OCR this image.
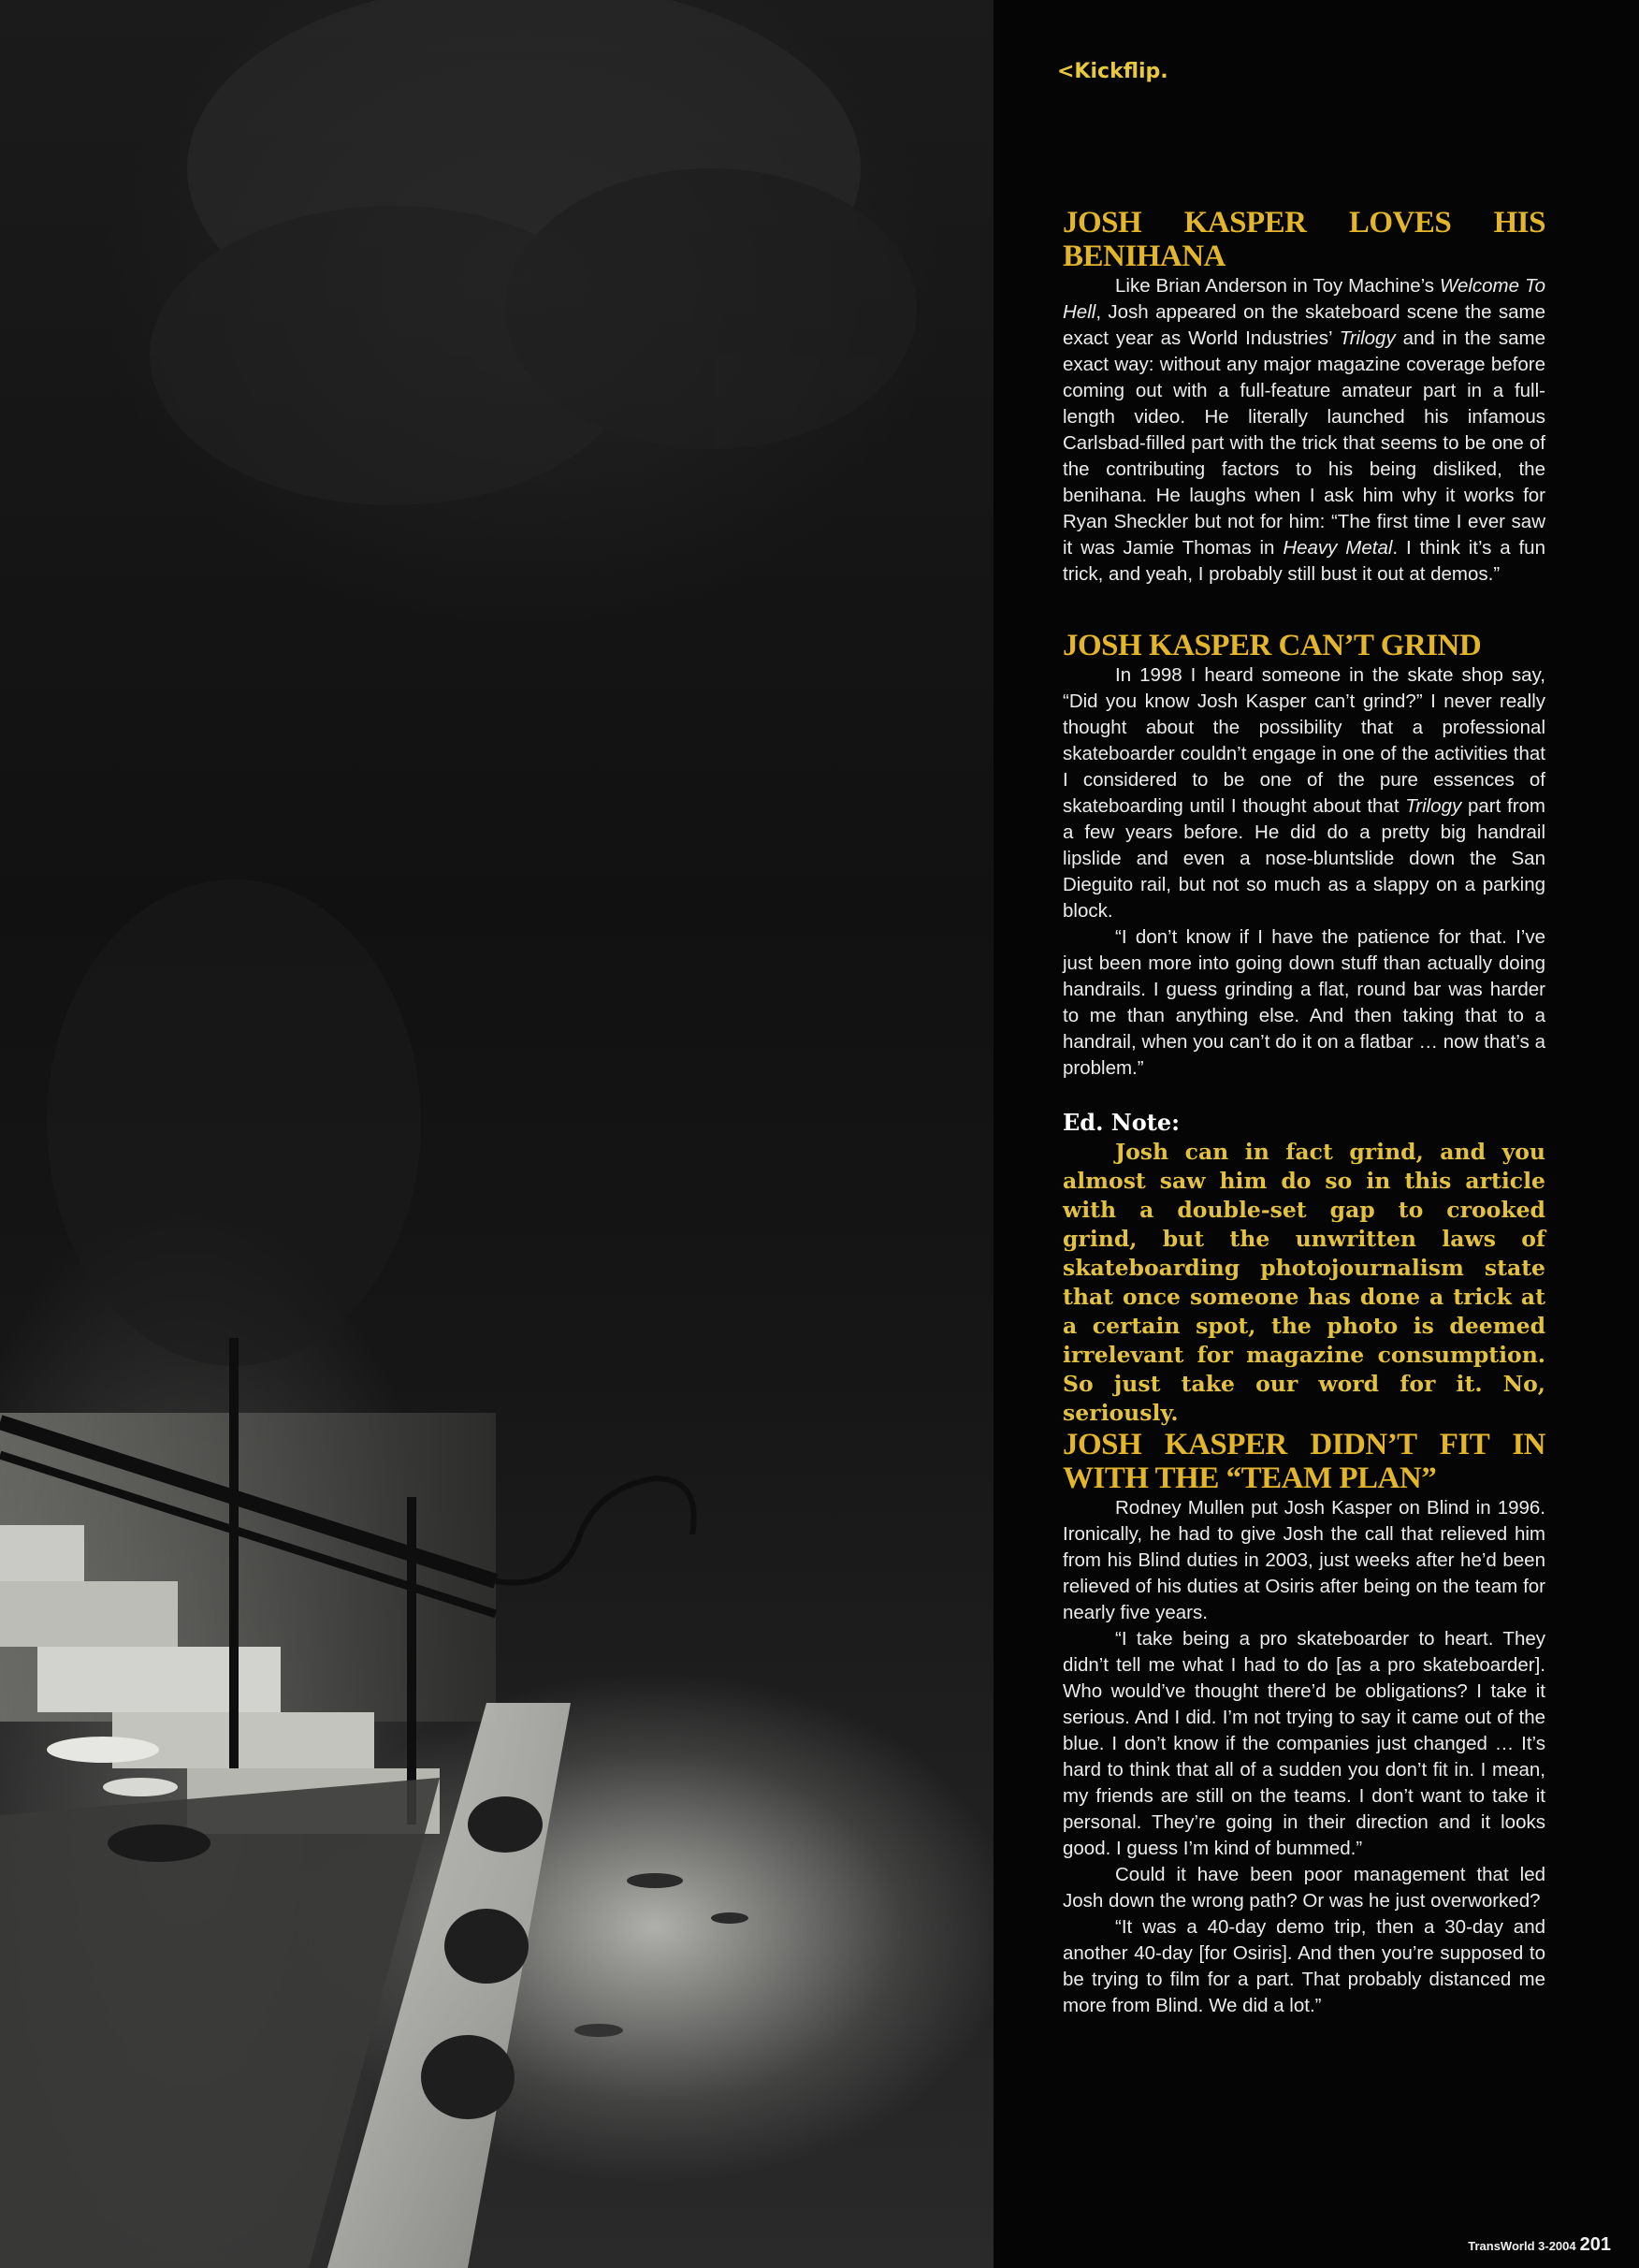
<Kickflip.
JOSH KASPER LOVES HIS BENIHANA

Like Brian Anderson in Toy Machine’s Welcome To Hell, Josh appeared on the skateboard scene the same exact year as World Industries’ Trilogy and in the same exact way: without any major magazine coverage before coming out with a full-feature amateur part in a full-length video. He literally launched his infamous Carlsbad-filled part with the trick that seems to be one of the contributing factors to his being disliked, the benihana. He laughs when I ask him why it works for Ryan Sheckler but not for him: “The first time I ever saw it was Jamie Thomas in Heavy Metal. I think it’s a fun trick, and yeah, I probably still bust it out at demos.”

JOSH KASPER CAN’T GRIND

In 1998 I heard someone in the skate shop say, “Did you know Josh Kasper can’t grind?” I never really thought about the possibility that a professional skateboarder couldn’t engage in one of the activities that I considered to be one of the pure essences of skateboarding until I thought about that Trilogy part from a few years before. He did do a pretty big handrail lipslide and even a nose-bluntslide down the San Dieguito rail, but not so much as a slappy on a parking block.

“I don’t know if I have the patience for that. I’ve just been more into going down stuff than actually doing handrails. I guess grinding a flat, round bar was harder to me than anything else. And then taking that to a handrail, when you can’t do it on a flatbar … now that’s a problem.”

Ed. Note:

Josh can in fact grind, and you almost saw him do so in this article with a double-set gap to crooked grind, but the unwritten laws of skateboarding photojournalism state that once someone has done a trick at a certain spot, the photo is deemed irrelevant for magazine consumption. So just take our word for it. No, seriously.

JOSH KASPER DIDN’T FIT IN WITH THE “TEAM PLAN”

Rodney Mullen put Josh Kasper on Blind in 1996. Ironically, he had to give Josh the call that relieved him from his Blind duties in 2003, just weeks after he’d been relieved of his duties at Osiris after being on the team for nearly five years.

“I take being a pro skateboarder to heart. They didn’t tell me what I had to do [as a pro skateboarder]. Who would’ve thought there’d be obligations? I take it serious. And I did. I’m not trying to say it came out of the blue. I don’t know if the companies just changed … It’s hard to think that all of a sudden you don’t fit in. I mean, my friends are still on the teams. I don’t want to take it personal. They’re going in their direction and it looks good. I guess I’m kind of bummed.”

Could it have been poor management that led Josh down the wrong path? Or was he just overworked?

“It was a 40-day demo trip, then a 30-day and another 40-day [for Osiris]. And then you’re supposed to be trying to film for a part. That probably distanced me more from Blind. We did a lot.”

TransWorld 3-2004 201
